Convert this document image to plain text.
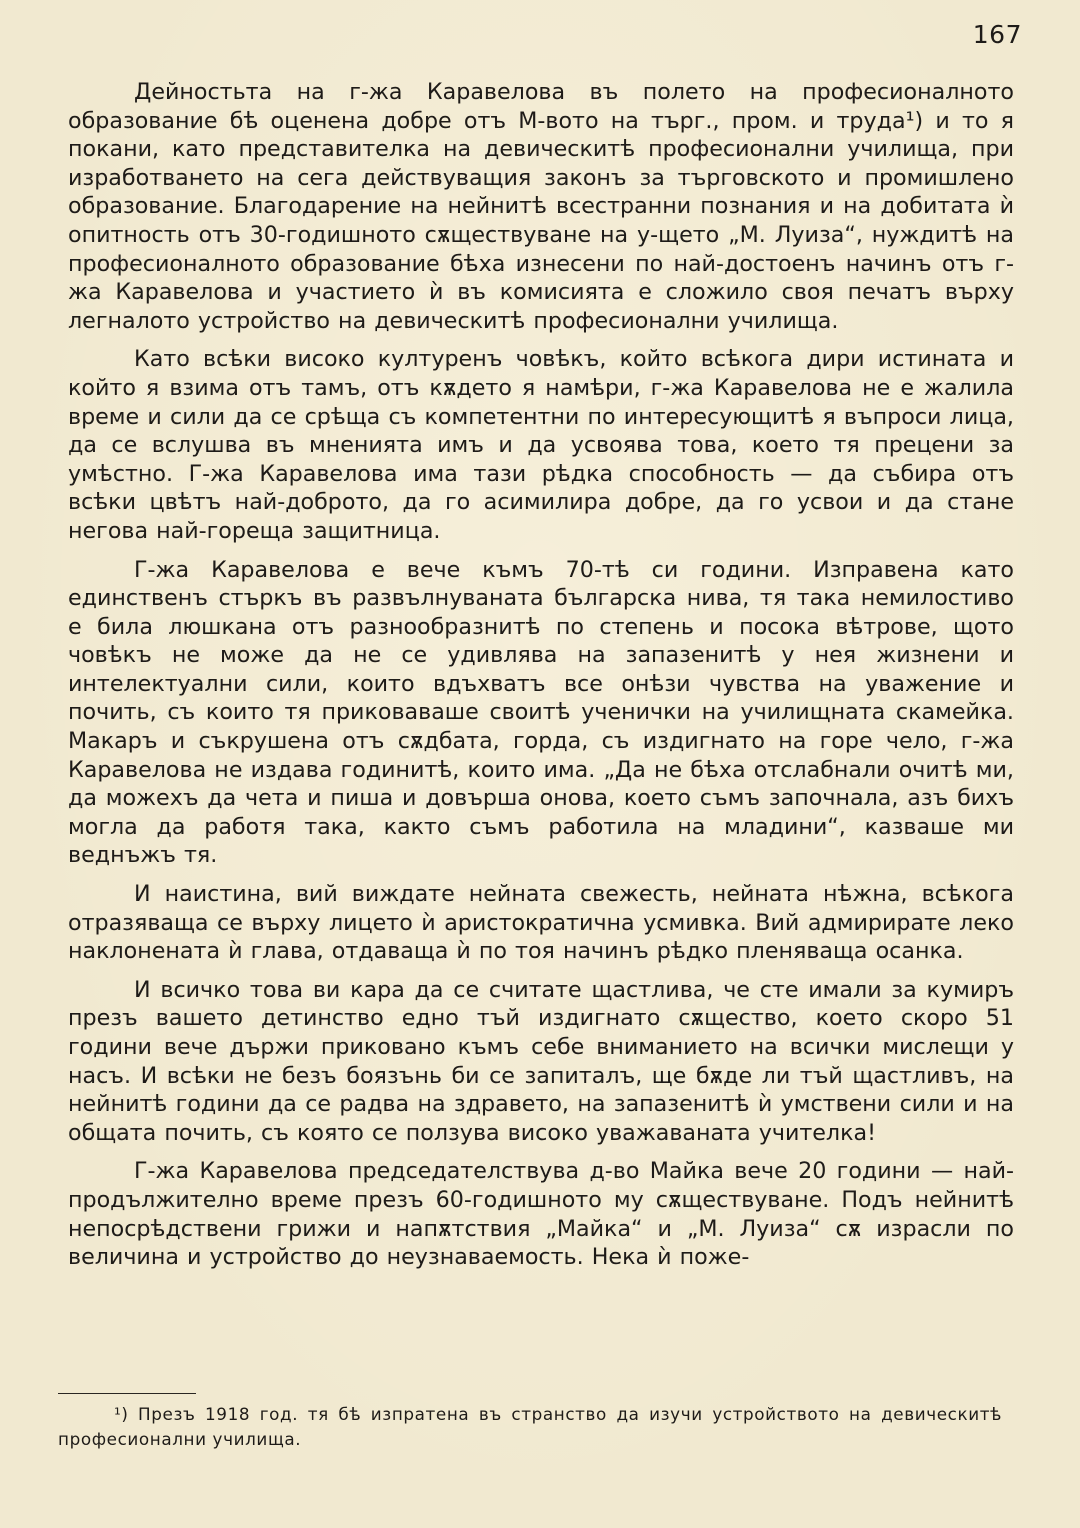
167

Дейностьта на г-жа Каравелова въ полето на професионалното образование бѣ оценена добре отъ М-вото на търг., пром. и труда¹) и то я покани, като представителка на девическитѣ професионални училища, при изработването на сега действуващия законъ за търговското и промишлено образование. Благодарение на нейнитѣ всестранни познания и на добитата ѝ опитность отъ 30-годишното сѫществуване на у-щето „М. Луиза“, нуждитѣ на професионалното образование бѣха изнесени по най-достоенъ начинъ отъ г-жа Каравелова и участието ѝ въ комисията е сложило своя печатъ върху легналото устройство на девическитѣ професионални училища.

Като всѣки високо културенъ човѣкъ, който всѣкога дири истината и който я взима отъ тамъ, отъ кѫдето я намѣри, г-жа Каравелова не е жалила време и сили да се срѣща съ компетентни по интересующитѣ я въпроси лица, да се вслушва въ мненията имъ и да усвоява това, което тя прецени за умѣстно. Г-жа Каравелова има тази рѣдка способность — да събира отъ всѣки цвѣтъ най-доброто, да го асимилира добре, да го усвои и да стане негова най-гореща защитница.

Г-жа Каравелова е вече къмъ 70-тѣ си години. Изправена като единственъ стъркъ въ развълнуваната българска нива, тя така немилостиво е била люшкана отъ разнообразнитѣ по степень и посока вѣтрове, щото човѣкъ не може да не се удивлява на запазенитѣ у нея жизнени и интелектуални сили, които вдъхватъ все онѣзи чувства на уважение и почить, съ които тя приковаваше своитѣ ученички на училищната скамейка. Макаръ и съкрушена отъ сѫдбата, горда, съ издигнато на горе чело, г-жа Каравелова не издава годинитѣ, които има. „Да не бѣха отслабнали очитѣ ми, да можехъ да чета и пиша и довърша онова, което съмъ започнала, азъ бихъ могла да работя така, както съмъ работила на младини“, казваше ми веднъжъ тя.

И наистина, вий виждате нейната свежесть, нейната нѣжна, всѣкога отразяваща се върху лицето ѝ аристократична усмивка. Вий адмирирате леко наклонената ѝ глава, отдаваща ѝ по тоя начинъ рѣдко пленяваща осанка.

И всичко това ви кара да се считате щастлива, че сте имали за кумиръ презъ вашето детинство едно тъй издигнато сѫщество, което скоро 51 години вече държи приковано къмъ себе вниманието на всички мислещи у насъ. И всѣки не безъ боязънь би се запиталъ, ще бѫде ли тъй щастливъ, на нейнитѣ години да се радва на здравето, на запазенитѣ ѝ умствени сили и на общата почить, съ която се ползува високо уважаваната учителка!

Г-жа Каравелова председателствува д-во Майка вече 20 години — най-продължително време презъ 60-годишното му сѫществуване. Подъ нейнитѣ непосрѣдствени грижи и напѫтствия „Майка“ и „М. Луиза“ сѫ израсли по величина и устройство до неузнаваемость. Нека ѝ поже-

¹) Презъ 1918 год. тя бѣ изпратена въ странство да изучи устройството на девическитѣ професионални училища.
